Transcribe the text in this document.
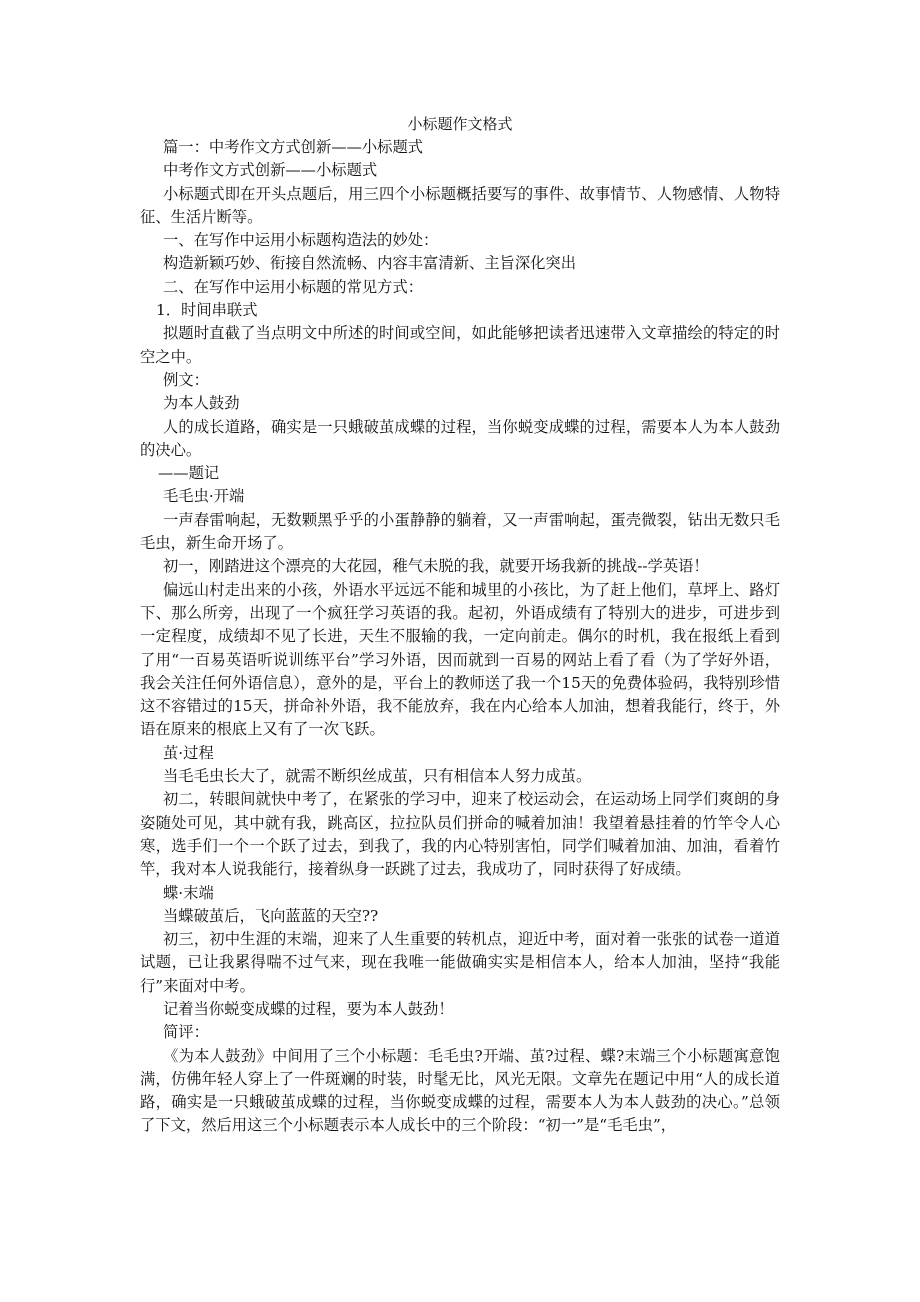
小标题作文格式

篇一：中考作文方式创新——小标题式

中考作文方式创新——小标题式

小标题式即在开头点题后，用三四个小标题概括要写的事件、故事情节、人物感情、人物特征、生活片断等。

一、在写作中运用小标题构造法的妙处：

构造新颖巧妙、衔接自然流畅、内容丰富清新、主旨深化突出

二、在写作中运用小标题的常见方式：

1．时间串联式

拟题时直截了当点明文中所述的时间或空间，如此能够把读者迅速带入文章描绘的特定的时空之中。

例文：

为本人鼓劲

人的成长道路，确实是一只蛾破茧成蝶的过程，当你蜕变成蝶的过程，需要本人为本人鼓劲的决心。

——题记

毛毛虫·开端

一声春雷响起，无数颗黑乎乎的小蛋静静的躺着，又一声雷响起，蛋壳微裂，钻出无数只毛毛虫，新生命开场了。

初一，刚踏进这个漂亮的大花园，稚气未脱的我，就要开场我新的挑战--学英语！

偏远山村走出来的小孩，外语水平远远不能和城里的小孩比，为了赶上他们，草坪上、路灯下、那么所旁，出现了一个疯狂学习英语的我。起初，外语成绩有了特别大的进步，可进步到一定程度，成绩却不见了长进，天生不服输的我，一定向前走。偶尔的时机，我在报纸上看到了用“一百易英语听说训练平台”学习外语，因而就到一百易的网站上看了看（为了学好外语，我会关注任何外语信息），意外的是，平台上的教师送了我一个15天的免费体验码，我特别珍惜这不容错过的15天，拼命补外语，我不能放弃，我在内心给本人加油，想着我能行，终于，外语在原来的根底上又有了一次飞跃。

茧·过程

当毛毛虫长大了，就需不断织丝成茧，只有相信本人努力成茧。

初二，转眼间就快中考了，在紧张的学习中，迎来了校运动会，在运动场上同学们爽朗的身姿随处可见，其中就有我，跳高区，拉拉队员们拼命的喊着加油！我望着悬挂着的竹竿令人心寒，选手们一个一个跃了过去，到我了，我的内心特别害怕，同学们喊着加油、加油，看着竹竿，我对本人说我能行，接着纵身一跃跳了过去，我成功了，同时获得了好成绩。

蝶·末端

当蝶破茧后，飞向蓝蓝的天空??

初三，初中生涯的末端，迎来了人生重要的转机点，迎近中考，面对着一张张的试卷一道道试题，已让我累得喘不过气来，现在我唯一能做确实实是相信本人，给本人加油，坚持“我能行”来面对中考。

记着当你蜕变成蝶的过程，要为本人鼓劲！

简评：

《为本人鼓劲》中间用了三个小标题：毛毛虫?开端、茧?过程、蝶?末端三个小标题寓意饱满，仿佛年轻人穿上了一件斑斓的时装，时髦无比，风光无限。文章先在题记中用“人的成长道路，确实是一只蛾破茧成蝶的过程，当你蜕变成蝶的过程，需要本人为本人鼓劲的决心。”总领了下文，然后用这三个小标题表示本人成长中的三个阶段：“初一”是“毛毛虫”，
